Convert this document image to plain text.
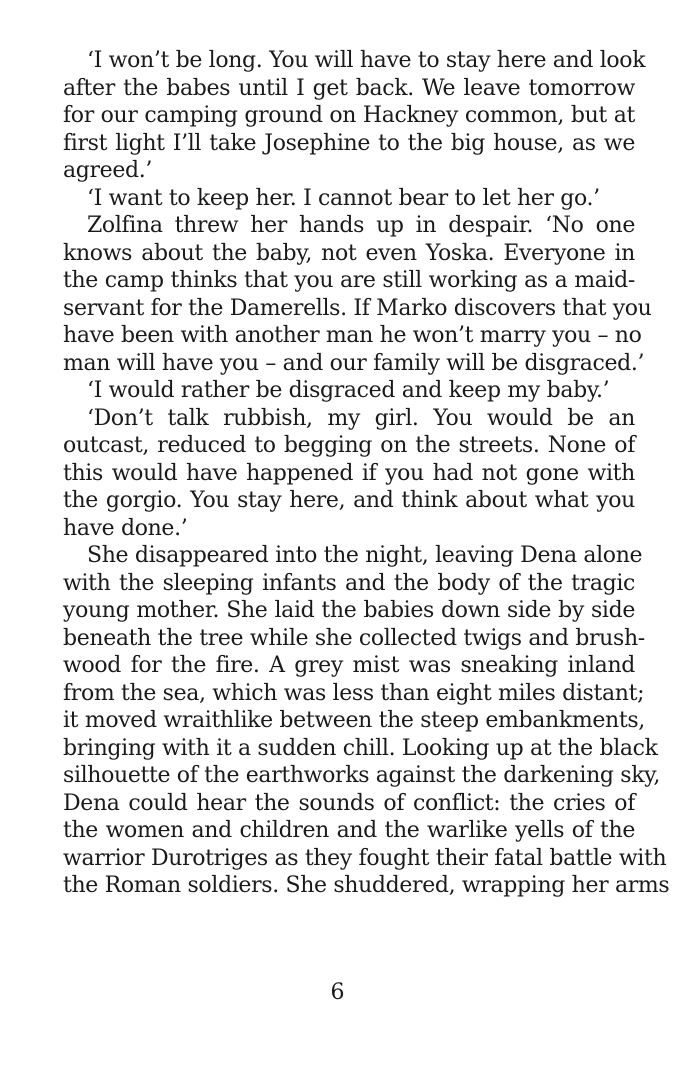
‘I won’t be long. You will have to stay here and look
after the babes until I get back. We leave tomorrow
for our camping ground on Hackney common, but at
first light I’ll take Josephine to the big house, as we
agreed.’
‘I want to keep her. I cannot bear to let her go.’
Zolfina threw her hands up in despair. ‘No one
knows about the baby, not even Yoska. Everyone in
the camp thinks that you are still working as a maid-
servant for the Damerells. If Marko discovers that you
have been with another man he won’t marry you – no
man will have you – and our family will be disgraced.’
‘I would rather be disgraced and keep my baby.’
‘Don’t talk rubbish, my girl. You would be an
outcast, reduced to begging on the streets. None of
this would have happened if you had not gone with
the gorgio. You stay here, and think about what you
have done.’
She disappeared into the night, leaving Dena alone
with the sleeping infants and the body of the tragic
young mother. She laid the babies down side by side
beneath the tree while she collected twigs and brush-
wood for the fire. A grey mist was sneaking inland
from the sea, which was less than eight miles distant;
it moved wraithlike between the steep embankments,
bringing with it a sudden chill. Looking up at the black
silhouette of the earthworks against the darkening sky,
Dena could hear the sounds of conflict: the cries of
the women and children and the warlike yells of the
warrior Durotriges as they fought their fatal battle with
the Roman soldiers. She shuddered, wrapping her arms
6
